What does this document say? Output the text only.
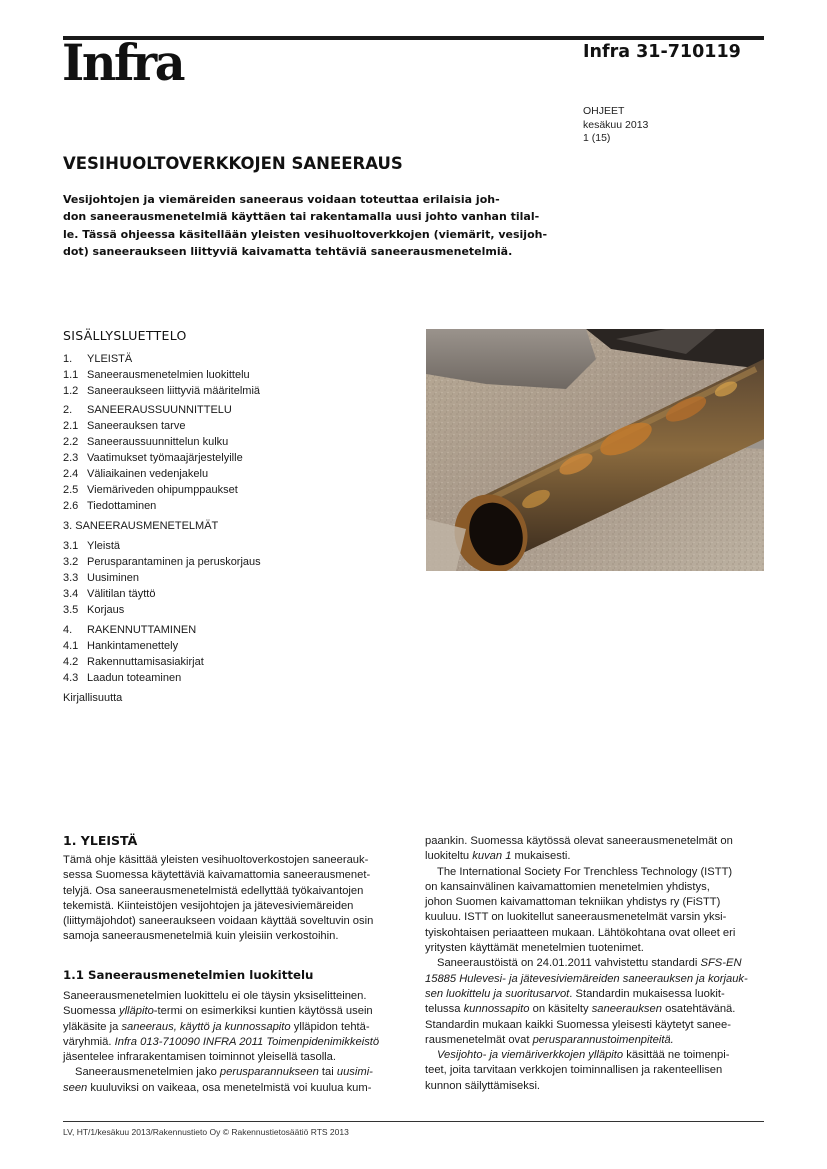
Infra	Infra 31-710119
OHJEET
kesäkuu 2013
1 (15)
VESIHUOLTOVERKKOJEN SANEERAUS
Vesijohtojen ja viemäreiden saneeraus voidaan toteuttaa erilaisia joh-
don saneerausmenetelmiä käyttäen tai rakentamalla uusi johto vanhan tilal-
le. Tässä ohjeessa käsitellään yleisten vesihuoltoverkkojen (viemärit, vesijoh-
dot) saneeraukseen liittyviä kaivamatta tehtäviä saneerausmenetelmiä.
SISÄLLYSLUETTELO
1. YLEISTÄ
1.1 Saneerausmenetelmien luokittelu
1.2 Saneeraukseen liittyviä määritelmiä
2. SANEERAUSSUUNNITTELU
2.1 Saneerauksen tarve
2.2 Saneeraussuunnittelun kulku
2.3 Vaatimukset työmaajärjestelyille
2.4 Väliaikainen vedenjakelu
2.5 Viemäriveden ohipumppaukset
2.6 Tiedottaminen
3. SANEERAUSMENETELMÄT
3.1 Yleistä
3.2 Perusparantaminen ja peruskorjaus
3.3 Uusiminen
3.4 Välitilan täyttö
3.5 Korjaus
4. RAKENNUTTAMINEN
4.1 Hankintamenettely
4.2 Rakennuttamisasiakirjat
4.3 Laadun toteaminen
Kirjallisuutta
1. YLEISTÄ
Tämä ohje käsittää yleisten vesihuoltoverkostojen saneerauk-
sessa Suomessa käytettäviä kaivamattomia saneerausmenet-
telyjä. Osa saneerausmenetelmistä edellyttää työkaivantojen
tekemistä. Kiinteistöjen vesijohtojen ja jätevesiviemäreiden
(liittymäjohdot) saneeraukseen voidaan käyttää soveltuvin osin
samoja saneerausmenetelmiä kuin yleisiin verkostoihin.
1.1 Saneerausmenetelmien luokittelu
Saneerausmenetelmien luokittelu ei ole täysin yksiselitteinen.
Suomessa ylläpito-termi on esimerkiksi kuntien käytössä usein
yläkäsite ja saneeraus, käyttö ja kunnossapito ylläpidon tehtä-
väryhmiä. Infra 013-710090 INFRA 2011 Toimenpidenimikkeistö
jäsentelee infrarakentamisen toiminnot yleisellä tasolla.
Saneerausmenetelmien jako perusparannukseen tai uusimi-
seen kuuluviksi on vaikeaa, osa menetelmistä voi kuulua kum-
paankin. Suomessa käytössä olevat saneerausmenetelmät on
luokiteltu kuvan 1 mukaisesti.
The International Society For Trenchless Technology (ISTT)
on kansainvälinen kaivamattomien menetelmien yhdistys,
johon Suomen kaivamattoman tekniikan yhdistys ry (FiSTT)
kuuluu. ISTT on luokitellut saneerausmenetelmät varsin yksi-
tyiskohtaisen periaatteen mukaan. Lähtökohtana ovat olleet eri
yritysten käyttämät menetelmien tuotenimet.
Saneeraustöistä on 24.01.2011 vahvistettu standardi SFS-EN
15885 Hulevesi- ja jätevesiviemäreiden saneerauksen ja korjauk-
sen luokittelu ja suoritusarvot. Standardin mukaisessa luokit-
telussa kunnossapito on käsitelty saneerauksen osatehtävänä.
Standardin mukaan kaikki Suomessa yleisesti käytetyt sanee-
rausmenetelmät ovat perusparannustoimenpiteitä.
Vesijohto- ja viemäriverkkojen ylläpito käsittää ne toimenpi-
teet, joita tarvitaan verkkojen toiminnallisen ja rakenteellisen
kunnon säilyttämiseksi.
LV, HT/1/kesäkuu 2013/Rakennustieto Oy © Rakennustietosäätiö RTS 2013
